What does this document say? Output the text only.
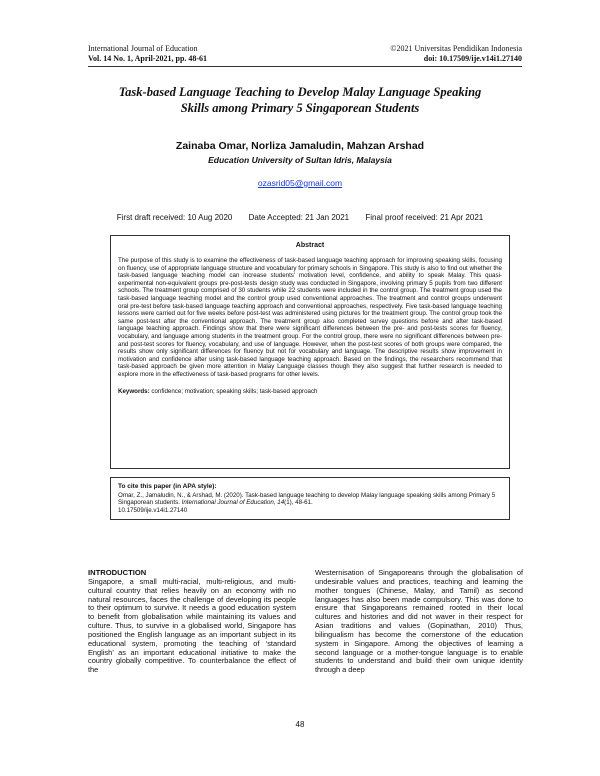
International Journal of Education
Vol. 14 No. 1, April-2021, pp. 48-61
©2021 Universitas Pendidikan Indonesia
doi: 10.17509/ije.v14i1.27140
Task-based Language Teaching to Develop Malay Language Speaking
Skills among Primary 5 Singaporean Students
Zainaba Omar, Norliza Jamaludin, Mahzan Arshad
Education University of Sultan Idris, Malaysia
ozasrid05@gmail.com
First draft received: 10 Aug 2020 Date Accepted: 21 Jan 2021 Final proof received: 21 Apr 2021
Abstract

The purpose of this study is to examine the effectiveness of task-based language teaching approach for improving speaking skills, focusing on fluency, use of appropriate language structure and vocabulary for primary schools in Singapore. This study is also to find out whether the task-based language teaching model can increase students' motivation level, confidence, and ability to speak Malay. This quasi-experimental non-equivalent groups pre-post-tests design study was conducted in Singapore, involving primary 5 pupils from two different schools. The treatment group comprised of 30 students while 22 students were included in the control group. The treatment group used the task-based language teaching model and the control group used conventional approaches. The treatment and control groups underwent oral pre-test before task-based language teaching approach and conventional approaches, respectively. Five task-based language teaching lessons were carried out for five weeks before post-test was administered using pictures for the treatment group. The control group took the same post-test after the conventional approach. The treatment group also completed survey questions before and after task-based language teaching approach. Findings show that there were significant differences between the pre- and post-tests scores for fluency, vocabulary, and language among students in the treatment group. For the control group, there were no significant differences between pre- and post-test scores for fluency, vocabulary, and use of language. However, when the post-test scores of both groups were compared, the results show only significant differences for fluency but not for vocabulary and language. The descriptive results show improvement in motivation and confidence after using task-based language teaching approach. Based on the findings, the researchers recommend that task-based approach be given more attention in Malay Language classes though they also suggest that further research is needed to explore more in the effectiveness of task-based programs for other levels.

Keywords: confidence; motivation; speaking skills; task-based approach
To cite this paper (in APA style):

Omar, Z., Jamaludin, N., & Arshad, M. (2020). Task-based language teaching to develop Malay language speaking skills among Primary 5 Singaporean students. International Journal of Education, 14(1), 48-61.
10.17509/ije.v14i1.27140

INTRODUCTION

Singapore, a small multi-racial, multi-religious, and multi-cultural country that relies heavily on an economy with no natural resources, faces the challenge of developing its people to their optimum to survive. It needs a good education system to benefit from globalisation while maintaining its values and culture. Thus, to survive in a globalised world, Singapore has positioned the English language as an important subject in its educational system, promoting the teaching of ‘standard English’ as an important educational initiative to make the country globally competitive. To counterbalance the effect of the

Westernisation of Singaporeans through the globalisation of undesirable values and practices, teaching and learning the mother tongues (Chinese, Malay, and Tamil) as second languages has also been made compulsory. This was done to ensure that Singaporeans remained rooted in their local cultures and histories and did not waver in their respect for Asian traditions and values (Gopinathan, 2010) Thus, bilingualism has become the cornerstone of the education system in Singapore. Among the objectives of learning a second language or a mother-tongue language is to enable students to understand and build their own unique identity through a deep

48
